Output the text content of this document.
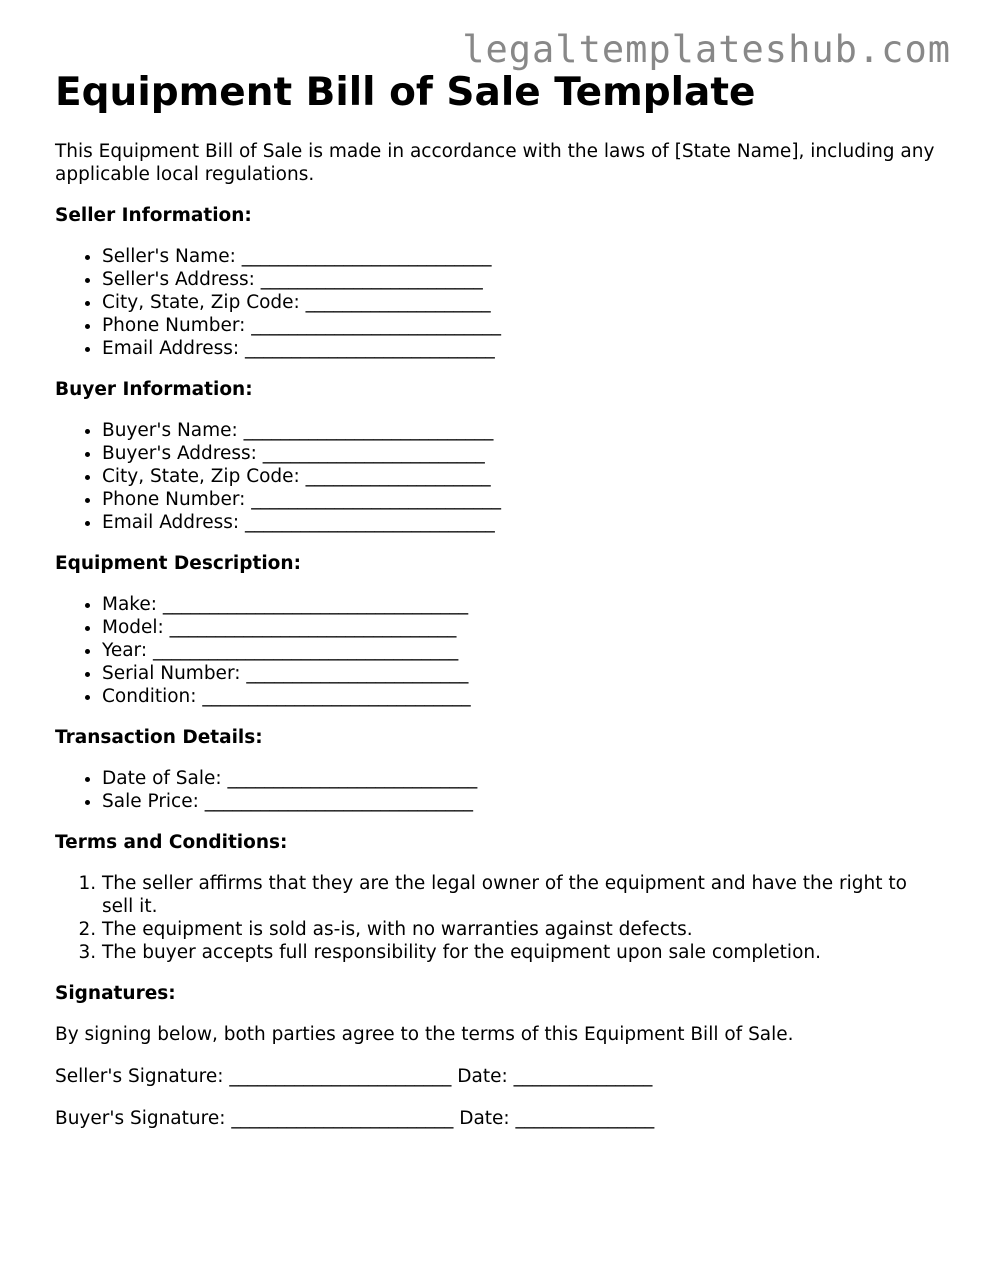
legaltemplateshub.com
Equipment Bill of Sale Template

This Equipment Bill of Sale is made in accordance with the laws of [State Name], including any applicable local regulations.

Seller Information:
• Seller's Name: ___________________________
• Seller's Address: ________________________
• City, State, Zip Code: ____________________
• Phone Number: ___________________________
• Email Address: ___________________________
Buyer Information:
• Buyer's Name: ___________________________
• Buyer's Address: ________________________
• City, State, Zip Code: ____________________
• Phone Number: ___________________________
• Email Address: ___________________________
Equipment Description:
• Make: _________________________________
• Model: _______________________________
• Year: _________________________________
• Serial Number: ________________________
• Condition: _____________________________
Transaction Details:
• Date of Sale: ___________________________
• Sale Price: _____________________________
Terms and Conditions:
1. The seller affirms that they are the legal owner of the equipment and have the right to sell it.
2. The equipment is sold as-is, with no warranties against defects.
3. The buyer accepts full responsibility for the equipment upon sale completion.
Signatures:

By signing below, both parties agree to the terms of this Equipment Bill of Sale.

Seller's Signature: ________________________ Date: _______________

Buyer's Signature: ________________________ Date: _______________
